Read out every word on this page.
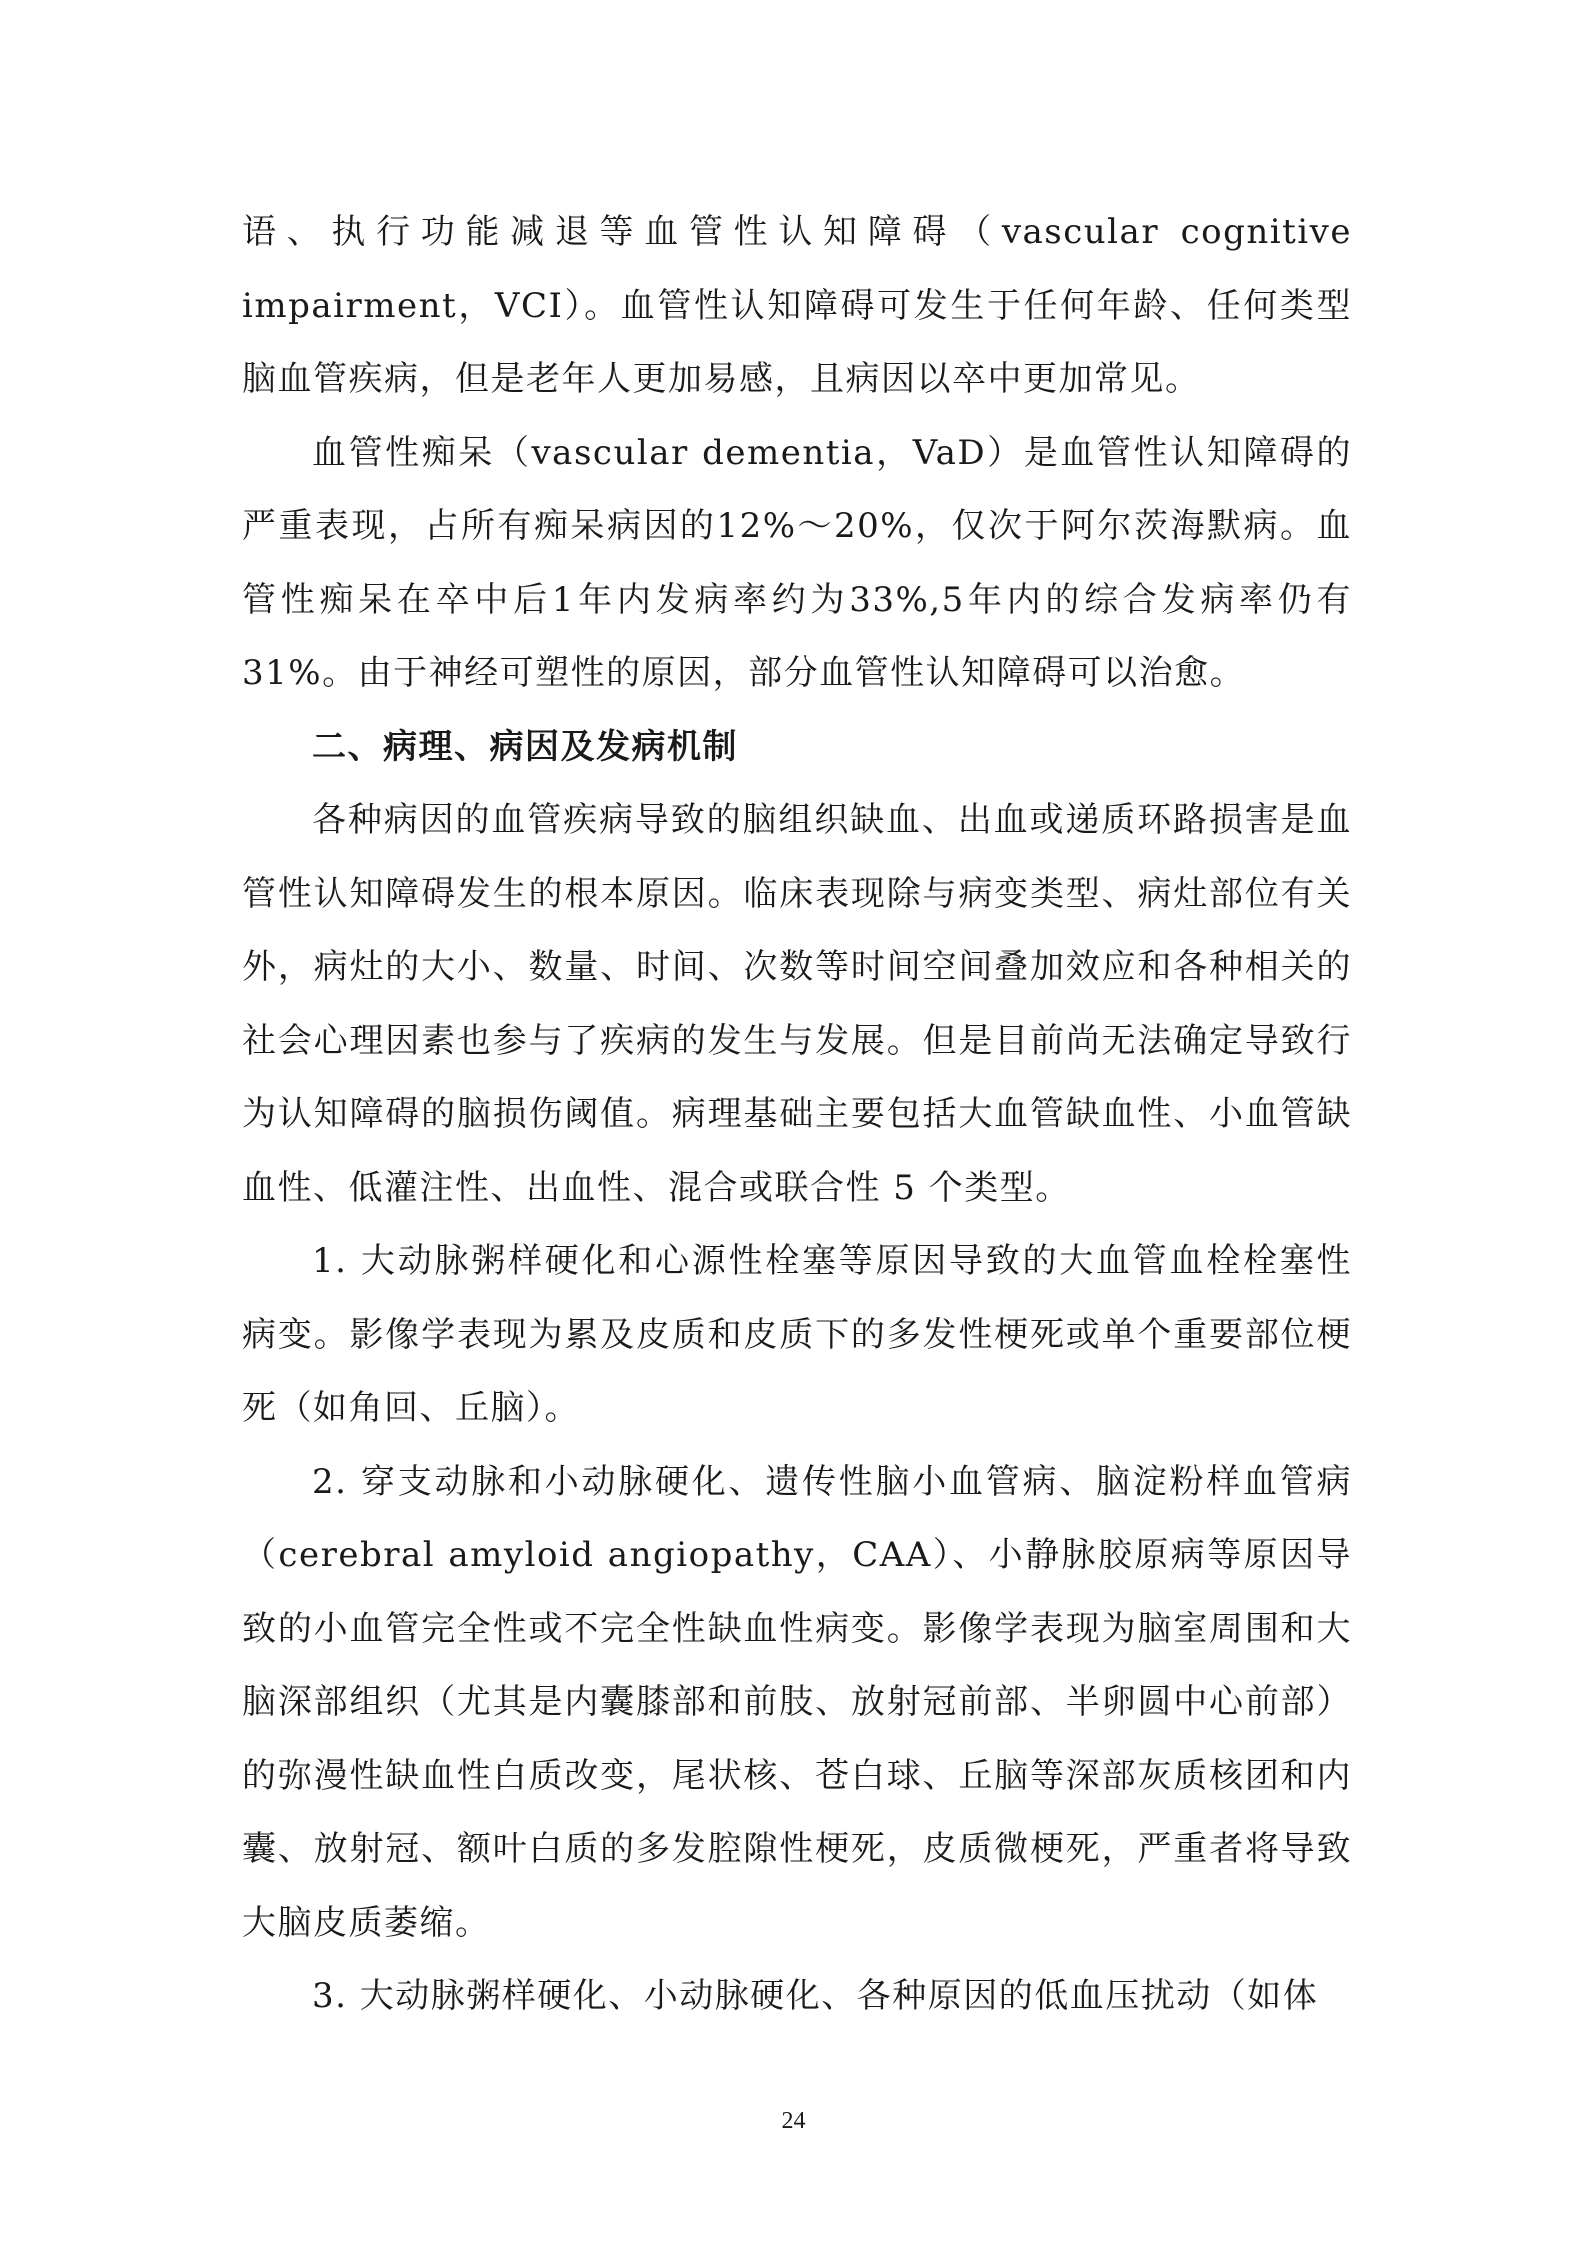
语、执行功能减退等血管性认知障碍（vascular cognitive impairment，VCI）。血管性认知障碍可发生于任何年龄、任何类型脑血管疾病，但是老年人更加易感，且病因以卒中更加常见。

血管性痴呆（vascular dementia，VaD）是血管性认知障碍的严重表现，占所有痴呆病因的12%～20%，仅次于阿尔茨海默病。血管性痴呆在卒中后1年内发病率约为33%,5年内的综合发病率仍有31%。由于神经可塑性的原因，部分血管性认知障碍可以治愈。

二、病理、病因及发病机制

各种病因的血管疾病导致的脑组织缺血、出血或递质环路损害是血管性认知障碍发生的根本原因。临床表现除与病变类型、病灶部位有关外，病灶的大小、数量、时间、次数等时间空间叠加效应和各种相关的社会心理因素也参与了疾病的发生与发展。但是目前尚无法确定导致行为认知障碍的脑损伤阈值。病理基础主要包括大血管缺血性、小血管缺血性、低灌注性、出血性、混合或联合性 5 个类型。

1. 大动脉粥样硬化和心源性栓塞等原因导致的大血管血栓栓塞性病变。影像学表现为累及皮质和皮质下的多发性梗死或单个重要部位梗死（如角回、丘脑）。

2. 穿支动脉和小动脉硬化、遗传性脑小血管病、脑淀粉样血管病（cerebral amyloid angiopathy，CAA）、小静脉胶原病等原因导致的小血管完全性或不完全性缺血性病变。影像学表现为脑室周围和大脑深部组织（尤其是内囊膝部和前肢、放射冠前部、半卵圆中心前部）的弥漫性缺血性白质改变，尾状核、苍白球、丘脑等深部灰质核团和内囊、放射冠、额叶白质的多发腔隙性梗死，皮质微梗死，严重者将导致大脑皮质萎缩。

3. 大动脉粥样硬化、小动脉硬化、各种原因的低血压扰动（如体

24
